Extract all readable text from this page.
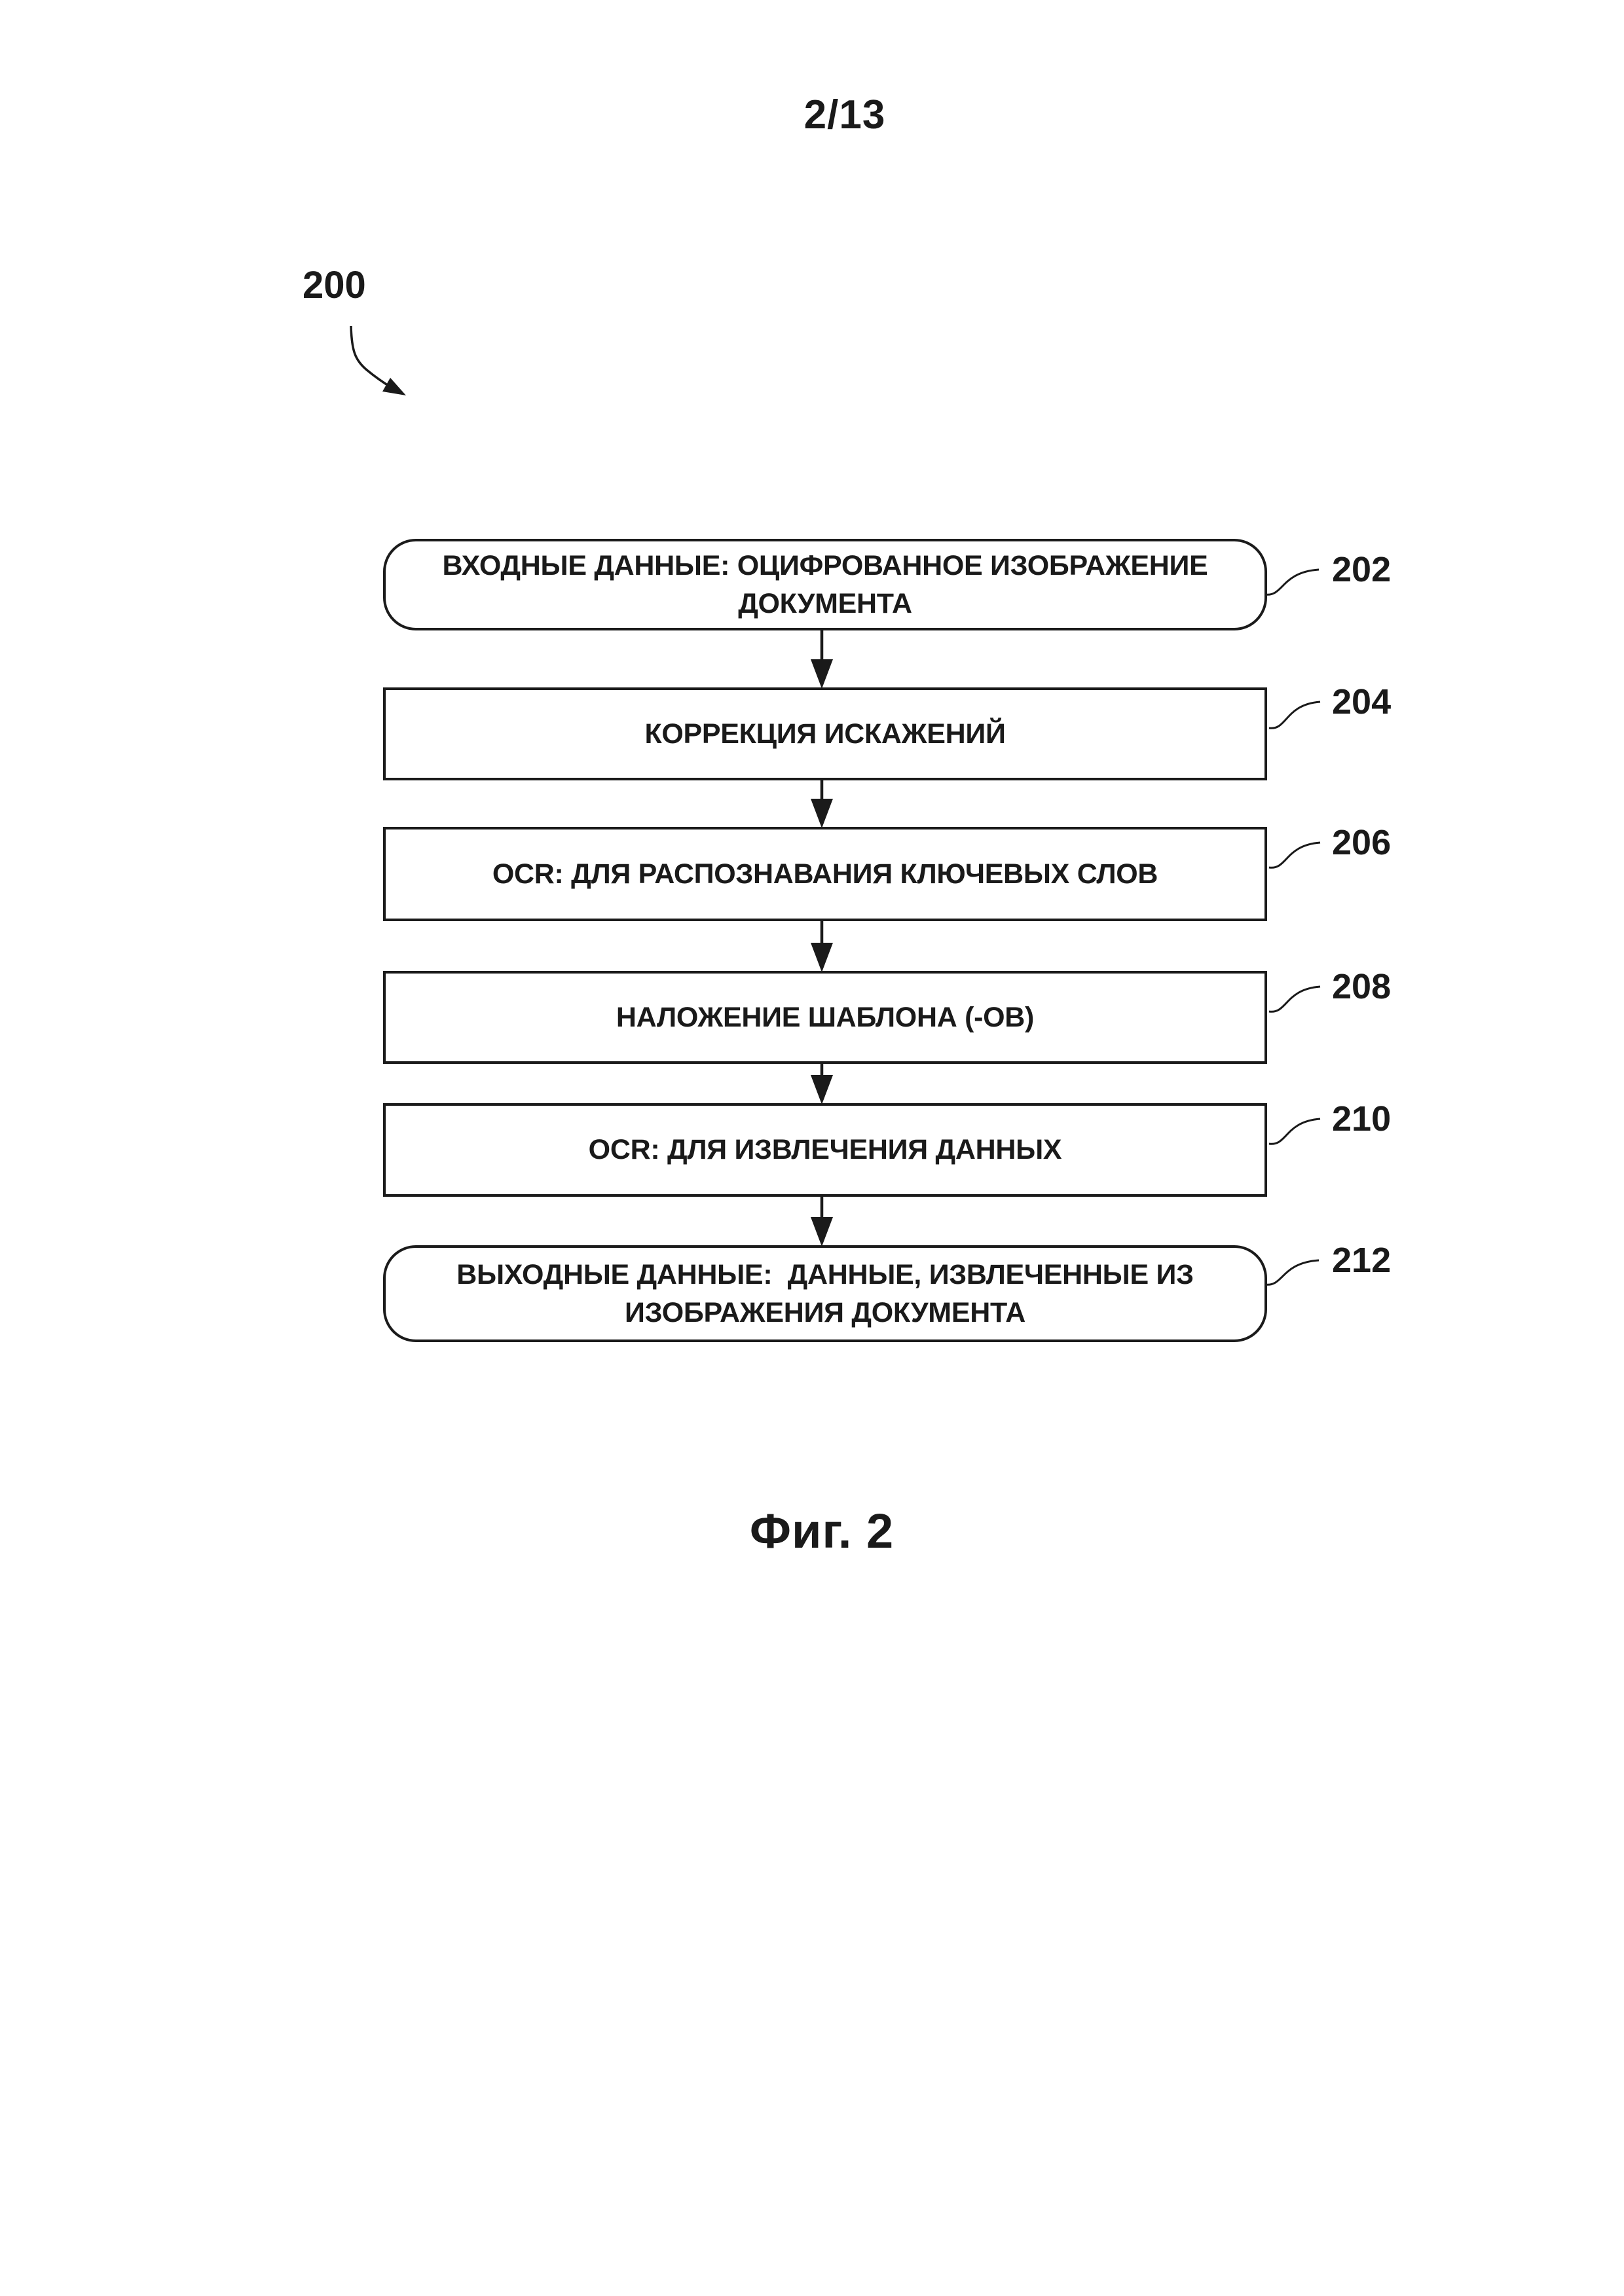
2/13
200
ВХОДНЫЕ ДАННЫЕ: ОЦИФРОВАННОЕ ИЗОБРАЖЕНИЕ
ДОКУМЕНТА
КОРРЕКЦИЯ ИСКАЖЕНИЙ
OCR: ДЛЯ РАСПОЗНАВАНИЯ КЛЮЧЕВЫХ СЛОВ
НАЛОЖЕНИЕ ШАБЛОНА (-ОВ)
OCR: ДЛЯ ИЗВЛЕЧЕНИЯ ДАННЫХ
ВЫХОДНЫЕ ДАННЫЕ:  ДАННЫЕ, ИЗВЛЕЧЕННЫЕ ИЗ
ИЗОБРАЖЕНИЯ ДОКУМЕНТА
202
204
206
208
210
212
Фиг. 2
